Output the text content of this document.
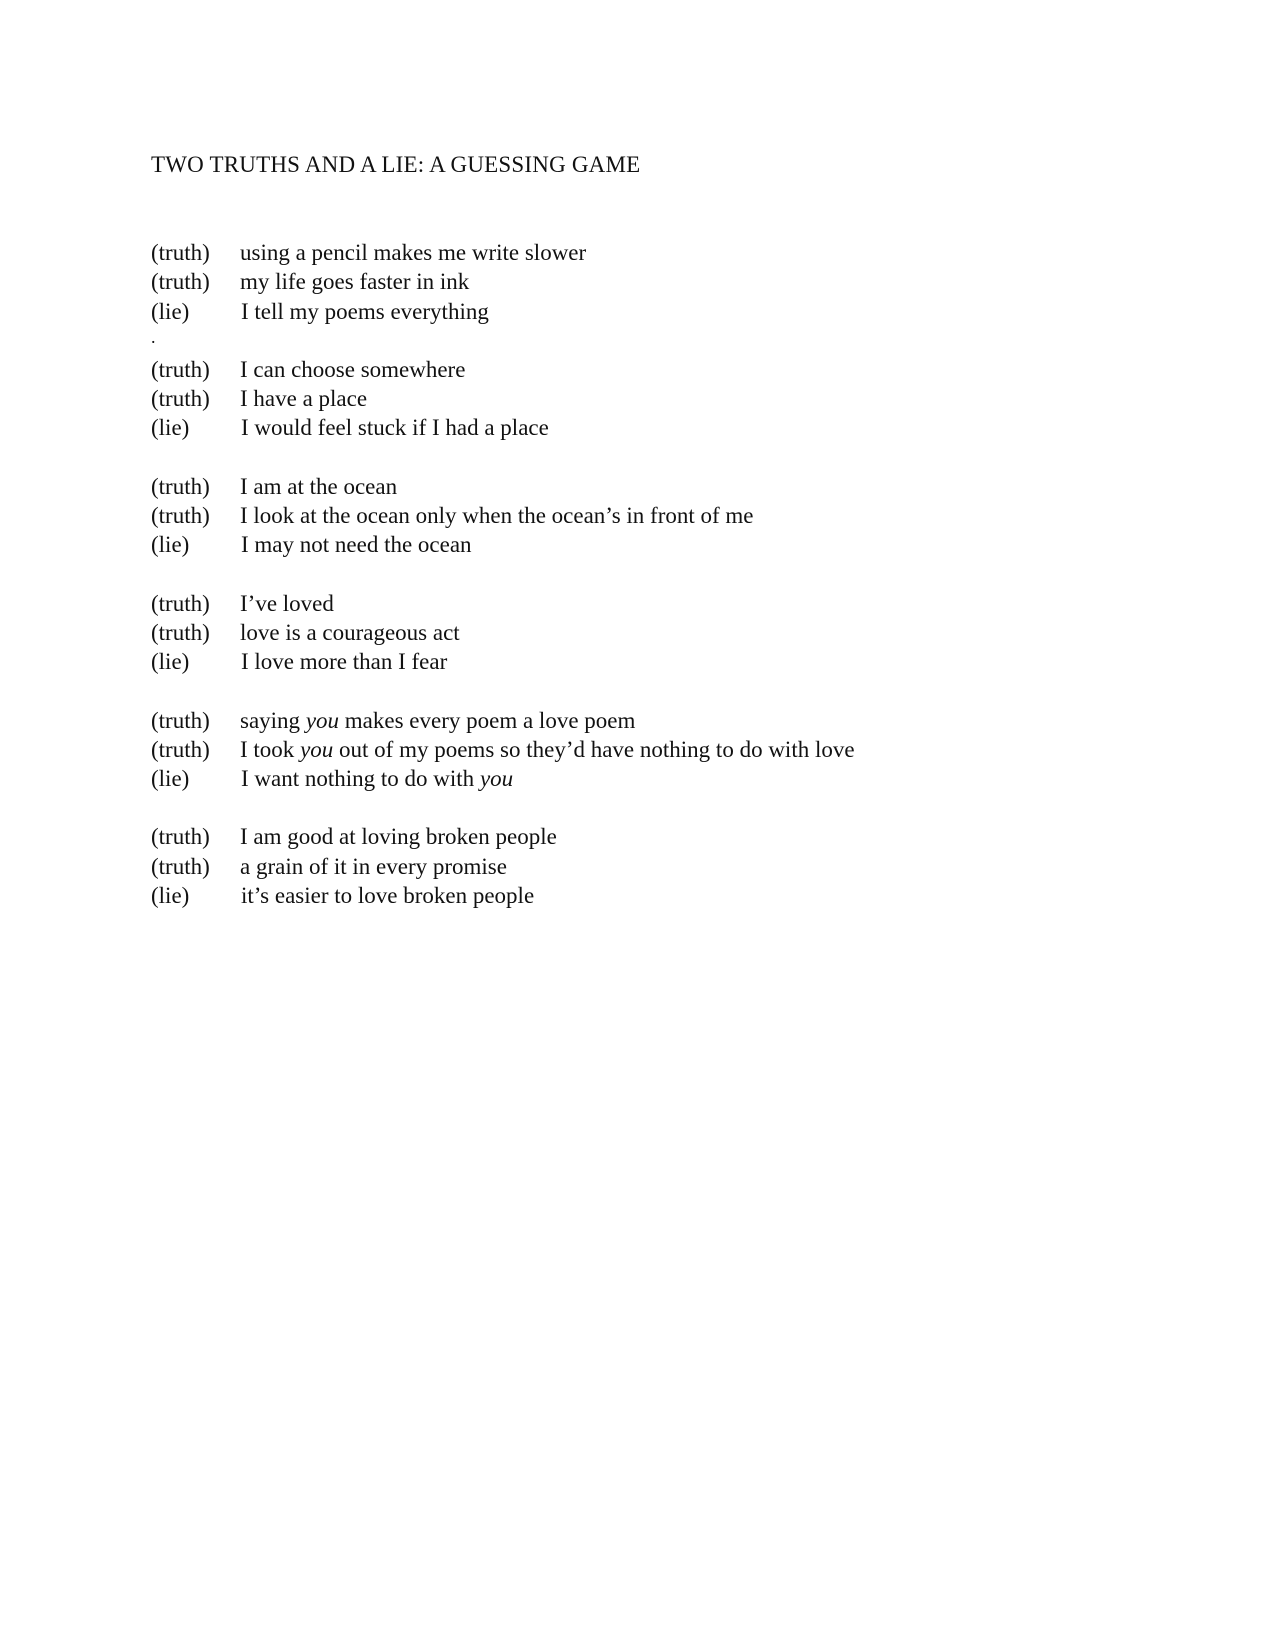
TWO TRUTHS AND A LIE: A GUESSING GAME
.
(truth)	using a pencil makes me write slower
(truth)	my life goes faster in ink
(lie)	I tell my poems everything
(truth)	I can choose somewhere
(truth)	I have a place
(lie)	I would feel stuck if I had a place
(truth)	I am at the ocean
(truth)	I look at the ocean only when the ocean’s in front of me
(lie)	I may not need the ocean
(truth)	I’ve loved
(truth)	love is a courageous act
(lie)	I love more than I fear
(truth)	saying you makes every poem a love poem
(truth)	I took you out of my poems so they’d have nothing to do with love
(lie)	I want nothing to do with you
(truth)	I am good at loving broken people
(truth)	a grain of it in every promise
(lie)	it’s easier to love broken people
